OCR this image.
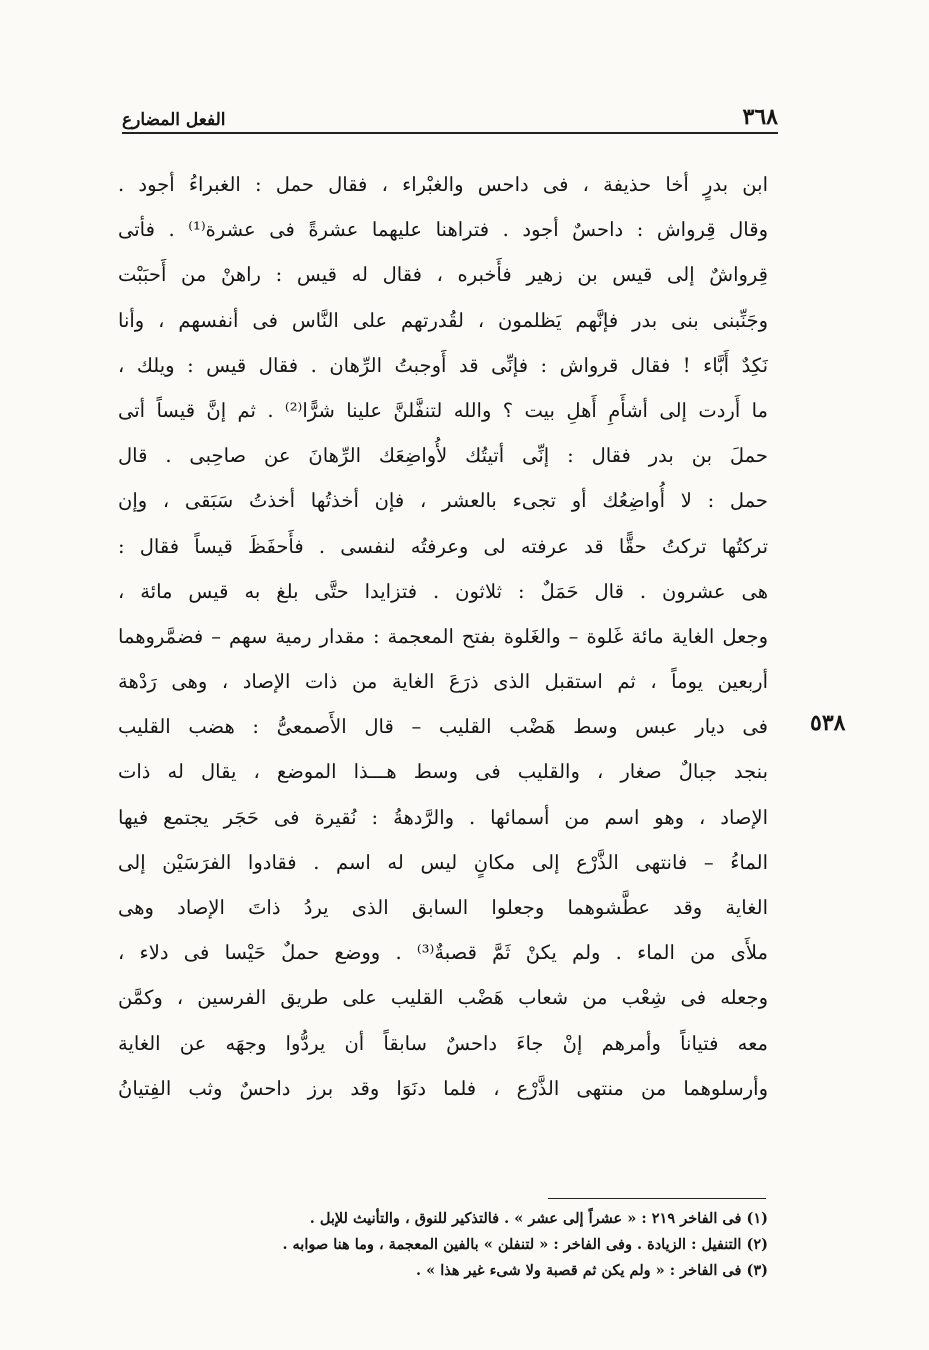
الفعل المضارع	٣٦٨
ابن بدرٍ أخا حذيفة ، فى داحس والغبْراء ، فقال حمل : الغبراءُ أجود .
وقال قِرواش : داحسٌ أجود . فتراهنا عليهما عشرةً فى عشرة⁽¹⁾ . فأتى
قِرواشٌ إلى قيس بن زهير فأَخبره ، فقال له قيس : راهنْ من أَحبَبْت
وجَنِّبنى بنى بدر فإنَّهم يَظلمون ، لقُدرتهم على النَّاس فى أنفسهم ، وأنا
نَكِدٌ أَبَّاء ! فقال قرواش : فإنِّى قد أَوجبتُ الرِّهان . فقال قيس : ويلك ،
ما أَردت إلى أشأَمِ أَهلِ بيت ؟ والله لتنفَّلنَّ علينا شرًّا⁽²⁾ . ثم إنَّ قيساً أتى
حملَ بن بدر فقال : إنِّى أتيتُك لأُواضِعَك الرِّهانَ عن صاحِبى . قال
حمل : لا أُواضِعُك أو تجىء بالعشر ، فإن أخذتُها أخذتُ سَبَقى ، وإن
تركتُها تركتُ حقًّا قد عرفته لى وعرفتُه لنفسى . فأَحفَظَ قيساً فقال :
هى عشرون . قال حَمَلٌ : ثلاثون . فتزايدا حتَّى بلغ به قيس مائة ،
وجعل الغاية مائة غَلوة – والغَلوة بفتح المعجمة : مقدار رمية سهم – فضمَّروهما
أربعين يوماً ، ثم استقبل الذى ذرَعَ الغاية من ذات الإصاد ، وهى رَدْهة
فى ديار عبس وسط هَضْب القليب – قال الأَصمعىُّ : هضب القليب
بنجد جبالٌ صغار ، والقليب فى وسط هـــذا الموضع ، يقال له ذات
الإصاد ، وهو اسم من أسمائها . والرَّدهةُ : نُقيرة فى حَجَر يجتمع فيها
الماءُ – فانتهى الذَّرْع إلى مكانٍ ليس له اسم . فقادوا الفرَسَيْن إلى
الغاية وقد عطَّشوهما وجعلوا السابق الذى يردُ ذاتَ الإصاد وهى
ملأَى من الماء . ولم يكنْ ثَمَّ قصبةٌ⁽³⁾ . ووضع حملٌ حَيْسا فى دلاء ،
وجعله فى شِعْب من شعاب هَضْب القليب على طريق الفرسين ، وكمَّن
معه فتياناً وأمرهم إنْ جاءَ داحسٌ سابقاً أن يردُّوا وجهَه عن الغاية
وأرسلوهما من منتهى الذَّرْع ، فلما دنَوَا وقد برز داحسٌ وثب الفِتيانُ
٥٣٨
(١) فى الفاخر ٢١٩ : « عشراً إلى عشر » . فالتذكير للنوق ، والتأنيث للإبل .
(٢) التنفيل : الزيادة . وفى الفاخر : « لتنفلن » بالفين المعجمة ، وما هنا صوابه .
(٣) فى الفاخر : « ولم يكن ثم قصبة ولا شىء غير هذا » .
